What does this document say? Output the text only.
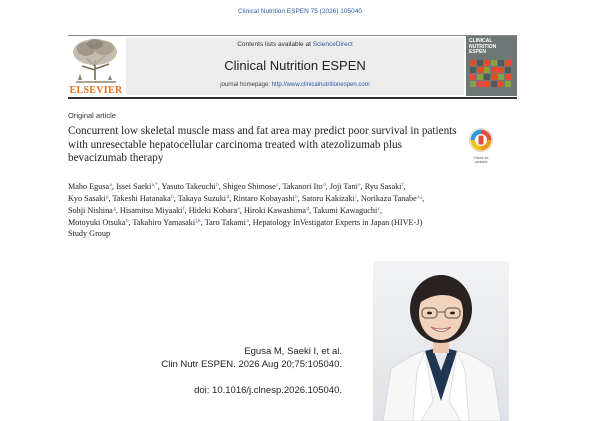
Clinical Nutrition ESPEN 75 (2026) 105040
ELSEVIER
Contents lists available at ScienceDirect
Clinical Nutrition ESPEN
journal homepage: http://www.clinicalnutritionespen.com
CLINICAL
NUTRITION
ESPEN
Original article
Concurrent low skeletal muscle mass and fat area may predict poor survival in patients with unresectable hepatocellular carcinoma treated with atezolizumab plus bevacizumab therapy	Check for
updates
Maho Egusa$^a$, Issei Saeki$^{a,*}$, Yasuto Takeuchi$^b$, Shigeo Shimose$^c$, Takanori Ito$^d$, Joji Tani$^e$, Ryu Sasaki$^f$, Kyo Sasaki$^g$, Takeshi Hatanaka$^h$, Takaya Suzuki$^d$, Rintaro Kobayashi$^h$, Satoru Kakizaki$^i$, Norikazu Tanabe$^{a,j}$, Sohji Nishina$^g$, Hisamitsu Miyaaki$^f$, Hideki Kobara$^e$, Hiroki Kawashima$^d$, Takumi Kawaguchi$^c$, Motoyuki Otsuka$^b$, Takahiro Yamasaki$^{j,k}$, Taro Takami$^a$, Hepatology InVestigator Experts in Japan (HIVE-J) Study Group
Egusa M, Saeki I, et al.
Clin Nutr ESPEN. 2026 Aug 20;75:105040.
doi: 10.1016/j.clnesp.2026.105040.
